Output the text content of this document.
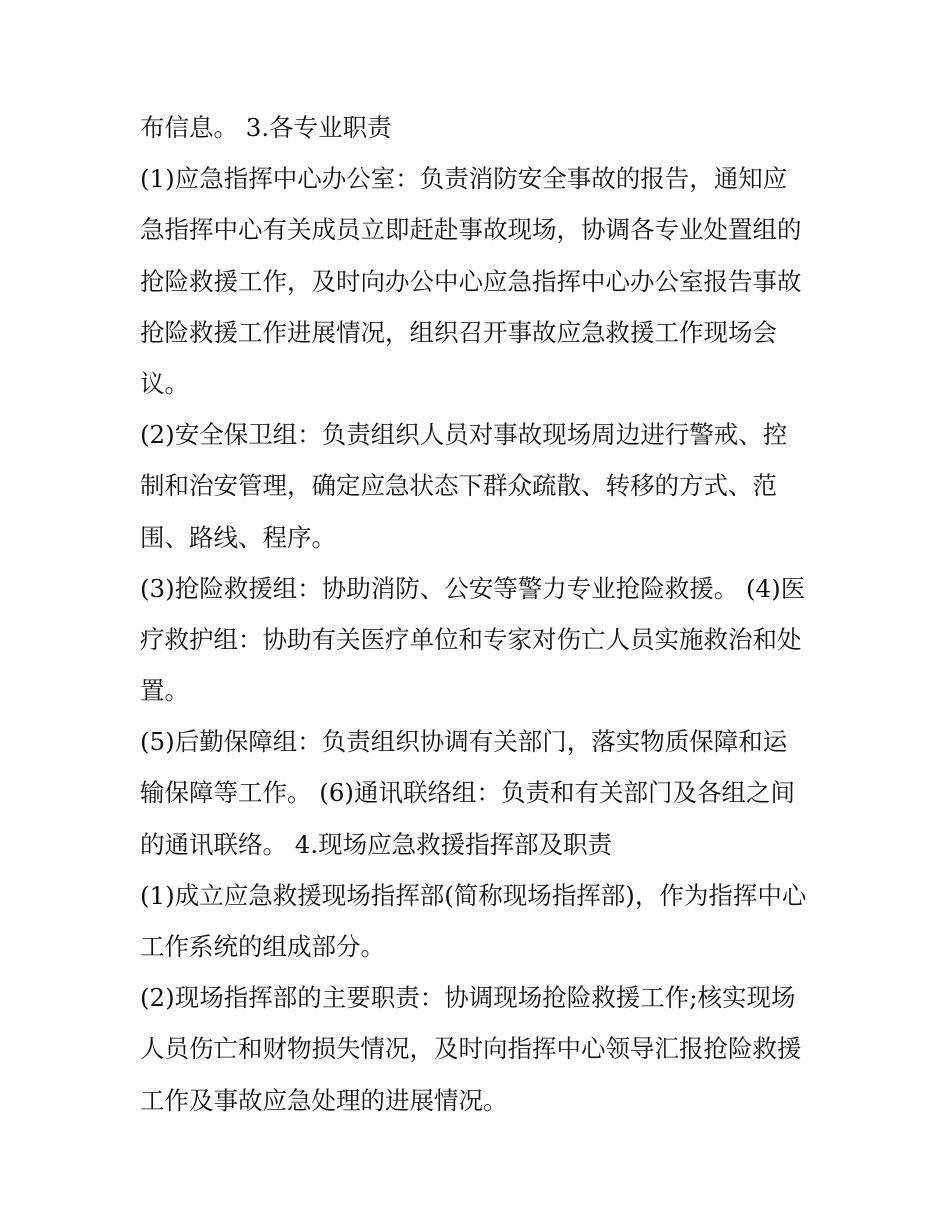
布信息。 3.各专业职责
(1)应急指挥中心办公室：负责消防安全事故的报告，通知应
急指挥中心有关成员立即赶赴事故现场，协调各专业处置组的
抢险救援工作，及时向办公中心应急指挥中心办公室报告事故
抢险救援工作进展情况，组织召开事故应急救援工作现场会
议。
(2)安全保卫组：负责组织人员对事故现场周边进行警戒、控
制和治安管理，确定应急状态下群众疏散、转移的方式、范
围、路线、程序。
(3)抢险救援组：协助消防、公安等警力专业抢险救援。 (4)医
疗救护组：协助有关医疗单位和专家对伤亡人员实施救治和处
置。
(5)后勤保障组：负责组织协调有关部门，落实物质保障和运
输保障等工作。 (6)通讯联络组：负责和有关部门及各组之间
的通讯联络。 4.现场应急救援指挥部及职责
(1)成立应急救援现场指挥部(简称现场指挥部)，作为指挥中心
工作系统的组成部分。
(2)现场指挥部的主要职责：协调现场抢险救援工作;核实现场
人员伤亡和财物损失情况，及时向指挥中心领导汇报抢险救援
工作及事故应急处理的进展情况。
